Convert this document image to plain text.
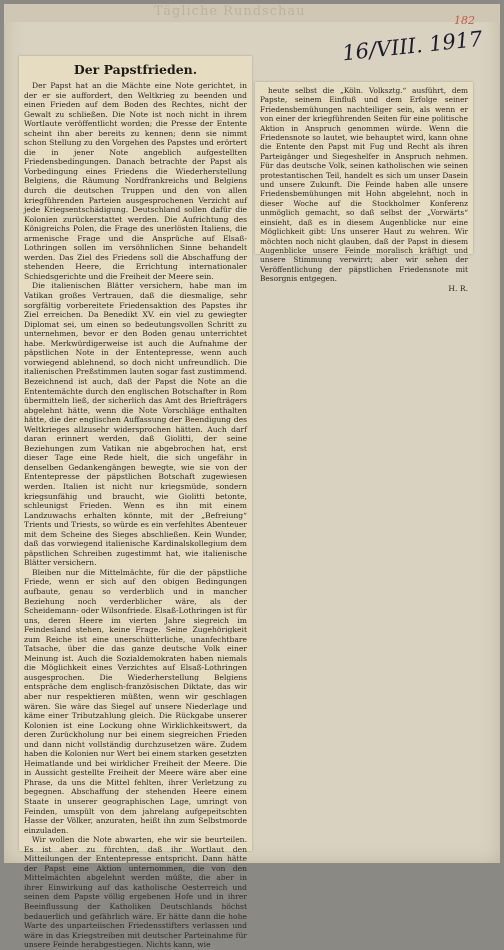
Tägliche Rundschau
182
16/VIII. 1917
Der Papstfrieden.

Der Papst hat an die Mächte eine Note gerichtet, in der er sie auffordert, den Weltkrieg zu beenden und einen Frieden auf dem Boden des Rechtes, nicht der Gewalt zu schließen. Die Note ist noch nicht in ihrem Wortlaute veröffentlicht worden; die Presse der Entente scheint ihn aber bereits zu kennen; denn sie nimmt schon Stellung zu den Vorgehen des Papstes und erörtert die in jener Note angeblich aufgestellten Friedensbedingungen. Danach betrachte der Papst als Vorbedingung eines Friedens die Wiederherstellung Belgiens, die Räumung Nordfrankreichs und Belgiens durch die deutschen Truppen und den von allen kriegführenden Parteien ausgesprochenen Verzicht auf jede Kriegsentschädigung. Deutschland sollen dafür die Kolonien zurückerstattet werden. Die Aufrichtung des Königreichs Polen, die Frage des unerlösten Italiens, die armenische Frage und die Ansprüche auf Elsaß-Lothringen sollen im versöhnlichen Sinne behandelt werden. Das Ziel des Friedens soll die Abschaffung der stehenden Heere, die Errichtung internationaler Schiedsgerichte und die Freiheit der Meere sein.

Die italienischen Blätter versichern, habe man im Vatikan großes Vertrauen, daß die diesmalige, sehr sorgfältig vorbereitete Friedensaktion des Papstes ihr Ziel erreichen. Da Benedikt XV. ein viel zu gewiegter Diplomat sei, um einen so bedeutungsvollen Schritt zu unternehmen, bevor er den Boden genau unterrichtet habe. Merkwürdigerweise ist auch die Aufnahme der päpstlichen Note in der Ententepresse, wenn auch vorwiegend ablehnend, so doch nicht unfreundlich. Die italienischen Preßstimmen lauten sogar fast zustimmend. Bezeichnend ist auch, daß der Papst die Note an die Ententemächte durch den englischen Botschafter in Rom übermitteln ließ, der sicherlich das Amt des Briefträgers abgelehnt hätte, wenn die Note Vorschläge enthalten hätte, die der englischen Auffassung der Beendigung des Weltkrieges allzusehr widersprochen hätten. Auch darf daran erinnert werden, daß Giolitti, der seine Beziehungen zum Vatikan nie abgebrochen hat, erst dieser Tage eine Rede hielt, die sich ungefähr in denselben Gedankengängen bewegte, wie sie von der Ententepresse der päpstlichen Botschaft zugewiesen werden. Italien ist nicht nur kriegsmüde, sondern kriegsunfähig und braucht, wie Giolitti betonte, schleunigst Frieden. Wenn es ihn mit einem Landzuwachs erhalten könnte, mit der „Befreiung“ Trients und Triests, so würde es ein verfehltes Abenteuer mit dem Scheine des Sieges abschließen. Kein Wunder, daß das vorwiegend italienische Kardinalskollegium dem päpstlichen Schreiben zugestimmt hat, wie italienische Blätter versichern.

Bleiben nur die Mittelmächte, für die der päpstliche Friede, wenn er sich auf den obigen Bedingungen aufbaute, genau so verderblich und in mancher Beziehung noch verderblicher wäre, als der Scheidemann- oder Wilsonfriede. Elsaß-Lothringen ist für uns, deren Heere im vierten Jahre siegreich im Feindesland stehen, keine Frage. Seine Zugehörigkeit zum Reiche ist eine unerschütterliche, unanfechtbare Tatsache, über die das ganze deutsche Volk einer Meinung ist. Auch die Sozialdemokraten haben niemals die Möglichkeit eines Verzichtes auf Elsaß-Lothringen ausgesprochen. Die Wiederherstellung Belgiens entspräche dem englisch-französischen Diktate, das wir aber nur respektieren müßten, wenn wir geschlagen wären. Sie wäre das Siegel auf unsere Niederlage und käme einer Tributzahlung gleich. Die Rückgabe unserer Kolonien ist eine Lockung ohne Wirklichkeitswert, da deren Zurückholung nur bei einem siegreichen Frieden und dann nicht vollständig durchzusetzen wäre. Zudem haben die Kolonien nur Wert bei einem starken gesetzten Heimatlande und bei wirklicher Freiheit der Meere. Die in Aussicht gestellte Freiheit der Meere wäre aber eine Phrase, da uns die Mittel fehlten, ihrer Verletzung zu begegnen. Abschaffung der stehenden Heere einem Staate in unserer geographischen Lage, umringt von Feinden, umspült von dem jahrelang aufgepeitschten Hasse der Völker, anzuraten, heißt ihn zum Selbstmorde einzuladen.

Wir wollen die Note abwarten, ehe wir sie beurteilen. Es ist aber zu fürchten, daß ihr Wortlaut den Mitteilungen der Ententepresse entspricht. Dann hätte der Papst eine Aktion unternommen, die von den Mittelmächten abgelehnt werden müßte, die aber in ihrer Einwirkung auf das katholische Oesterreich und seinen dem Papste völlig ergebenen Hofe und in ihrer Beeinflussung der Katholiken Deutschlands höchst bedauerlich und gefährlich wäre. Er hätte dann die hohe Warte des unparteiischen Friedensstifters verlassen und wäre in das Kriegstreiben mit deutscher Parteinahme für unsere Feinde herabgestiegen. Nichts kann, wie

heute selbst die „Köln. Volksztg.“ ausführt, dem Papste, seinem Einfluß und dem Erfolge seiner Friedensbemühungen nachteiliger sein, als wenn er von einer der kriegführenden Seiten für eine politische Aktion in Anspruch genommen würde. Wenn die Friedensnote so lautet, wie behauptet wird, kann ohne die Entente den Papst mit Fug und Recht als ihren Parteigänger und Siegeshelfer in Anspruch nehmen. Für das deutsche Volk, seinen katholischen wie seinen protestantischen Teil, handelt es sich um unser Dasein und unsere Zukunft. Die Feinde haben alle unsere Friedensbemühungen mit Hohn abgelehnt, noch in dieser Woche auf die Stockholmer Konferenz unmöglich gemacht, so daß selbst der „Vorwärts“ einsieht, daß es in diesem Augenblicke nur eine Möglichkeit gibt: Uns unserer Haut zu wehren. Wir möchten noch nicht glauben, daß der Papst in diesem Augenblicke unsere Feinde moralisch kräftigt und unsere Stimmung verwirrt; aber wir sehen der Veröffentlichung der päpstlichen Friedensnote mit Besorgnis entgegen.

H. R.
